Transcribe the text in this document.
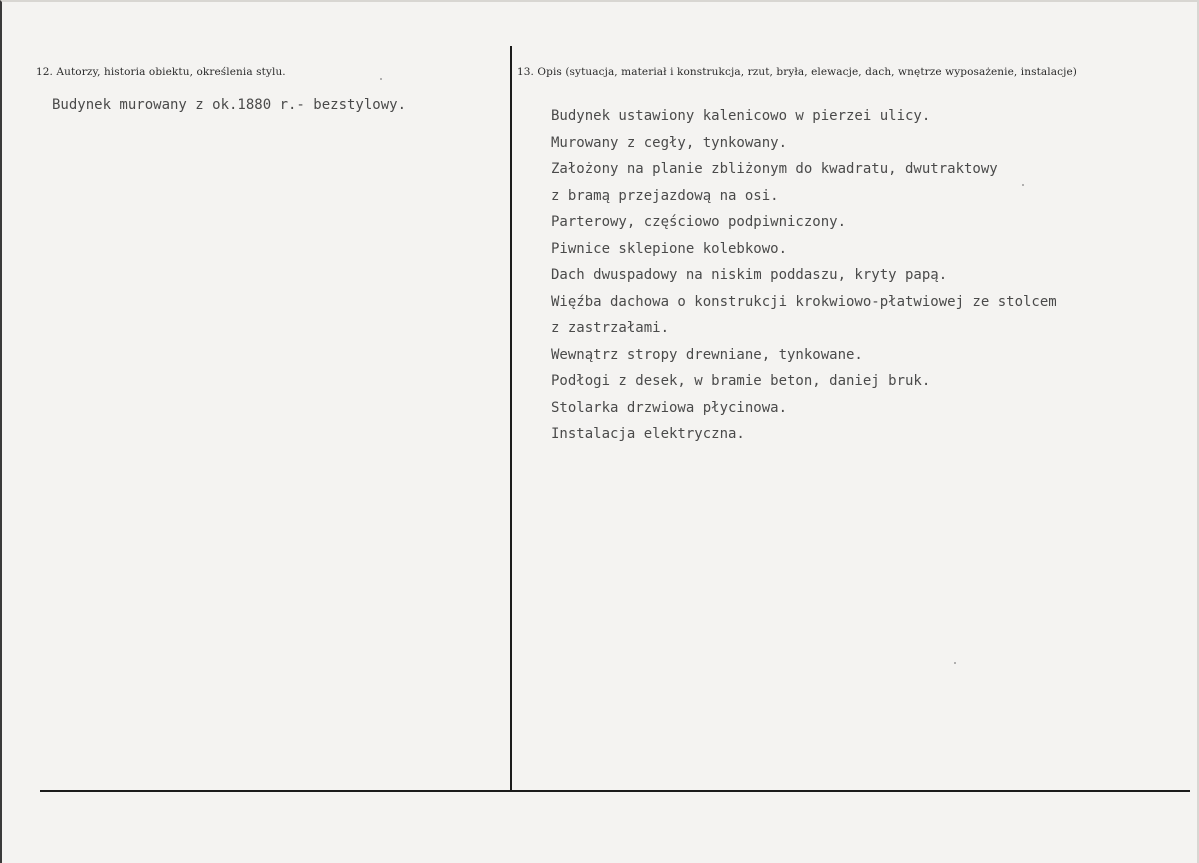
12. Autorzy, historia obiektu, określenia stylu.
Budynek murowany z ok.1880 r.- bezstylowy.
13. Opis (sytuacja, materiał i konstrukcja, rzut, bryła, elewacje, dach, wnętrze wyposażenie, instalacje)
Budynek ustawiony kalenicowo w pierzei ulicy.
Murowany z cegły, tynkowany.
Założony na planie zbliżonym do kwadratu, dwutraktowy
z bramą przejazdową na osi.
Parterowy, częściowo podpiwniczony.
Piwnice sklepione kolebkowo.
Dach dwuspadowy na niskim poddaszu, kryty papą.
Więźba dachowa o konstrukcji krokwiowo-płatwiowej ze stolcem
z zastrzałami.
Wewnątrz stropy drewniane, tynkowane.
Podłogi z desek, w bramie beton, daniej bruk.
Stolarka drzwiowa płycinowa.
Instalacja elektryczna.
